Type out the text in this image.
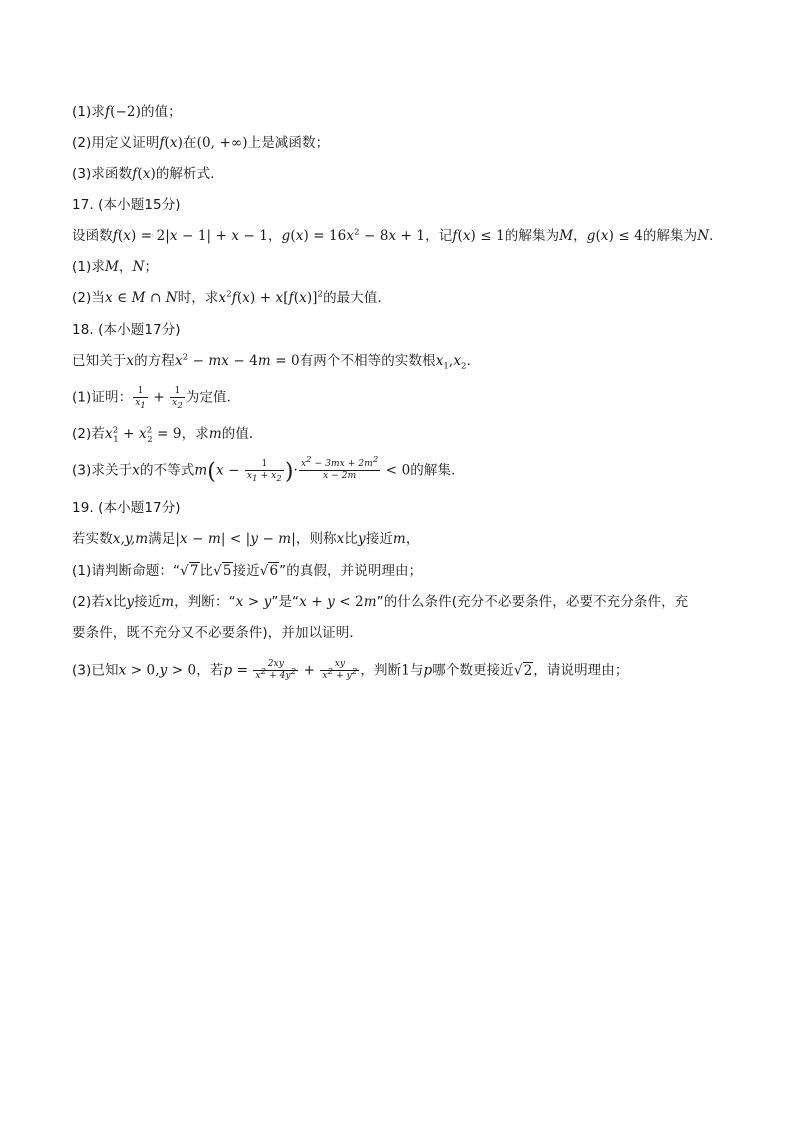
(1)求f(−2)的值；
(2)用定义证明f(x)在(0, +∞)上是减函数；
(3)求函数f(x)的解析式．
17. (本小题15分)
设函数f(x) = 2|x − 1| + x − 1，$g(x) = 16x^2 - 8x + 1$，记f(x) ≤ 1的解集为M，g(x) ≤ 4的解集为N．
(1)求M，N；
(2)当x ∈ M ∩ N时，求$x^2f(x) + x[f(x)]^2$的最大值．
18. (本小题17分)
已知关于x的方程$x^2$ − mx − 4m = 0有两个不相等的实数根$x_1,x_2$．
(1)证明： $\frac{1}{x_1} + \frac{1}{x_2}$ 为定值．
(2)若$x^2_1 + x^2_2 = 9$，求m的值．
(3)求关于x的不等式$m(x - \frac{1}{x_1 + x_2}$ )· $\frac{x^2 - 3mx + 2m^2}{x - 2m} < 0$的解集．
19. (本小题17分)
若实数x,y,m满足|x − m| < |y − m|，则称x比y接近m，
(1)请判断命题：“√7比√5接近√6”的真假，并说明理由；
(2)若x比y接近m，判断：“x > y”是“x + y < 2m”的什么条件(充分不必要条件，必要不充分条件，充
要条件，既不充分又不必要条件)，并加以证明．
(3)已知x > 0,y > 0，若$p = \frac{2xy}{x^2 + 4y^2} + \frac{xy}{x^2 + y^2}$ ，判断1与p哪个数更接近√2，请说明理由；
